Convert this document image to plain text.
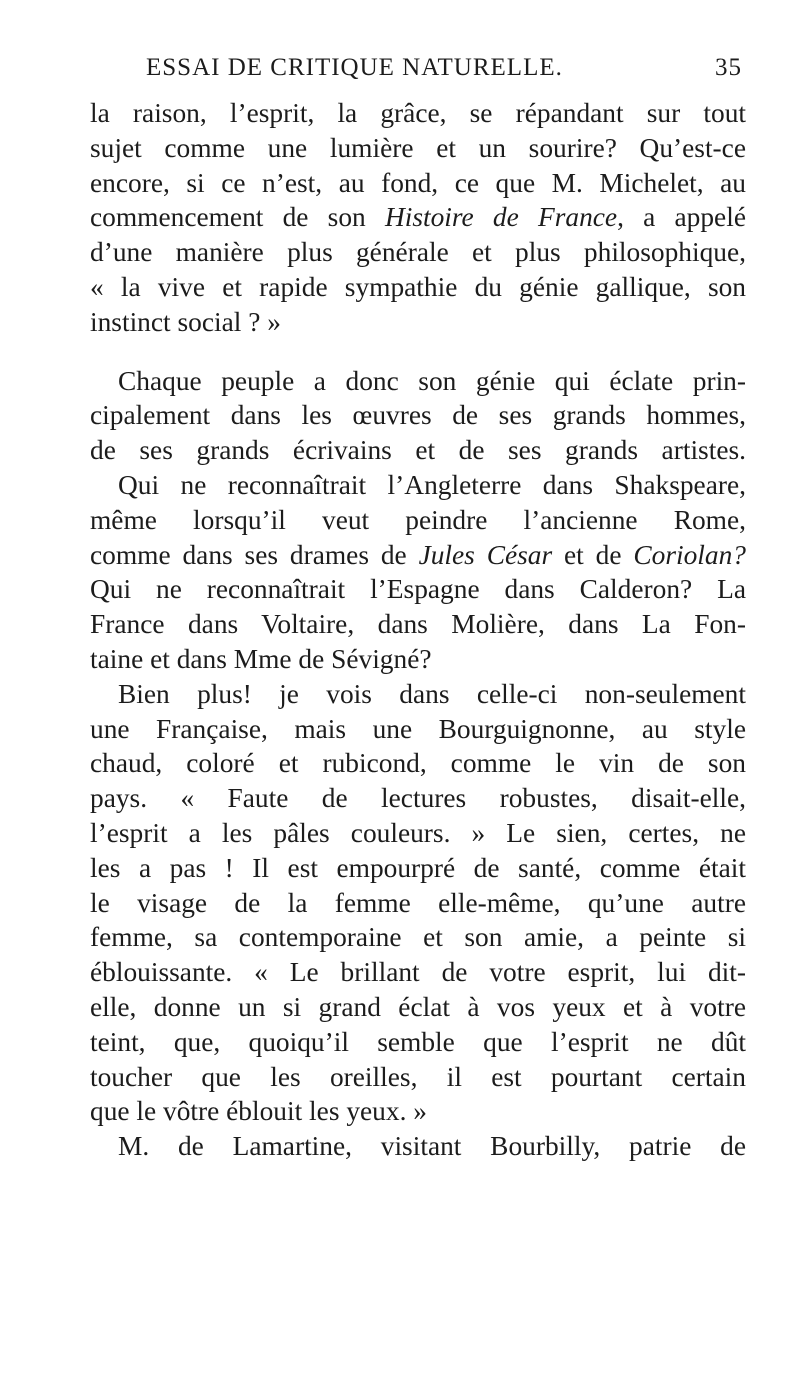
ESSAI DE CRITIQUE NATURELLE.	35
la raison, l’esprit, la grâce, se répandant sur tout
sujet comme une lumière et un sourire? Qu’est-ce
encore, si ce n’est, au fond, ce que M. Michelet, au
commencement de son Histoire de France, a appelé
d’une manière plus générale et plus philosophique,
« la vive et rapide sympathie du génie gallique, son
instinct social ? »
Chaque peuple a donc son génie qui éclate prin-
cipalement dans les œuvres de ses grands hommes,
de ses grands écrivains et de ses grands artistes.
Qui ne reconnaîtrait l’Angleterre dans Shakspeare,
même lorsqu’il veut peindre l’ancienne Rome,
comme dans ses drames de Jules César et de Coriolan?
Qui ne reconnaîtrait l’Espagne dans Calderon? La
France dans Voltaire, dans Molière, dans La Fon-
taine et dans Mme de Sévigné?
Bien plus! je vois dans celle-ci non-seulement
une Française, mais une Bourguignonne, au style
chaud, coloré et rubicond, comme le vin de son
pays. « Faute de lectures robustes, disait-elle,
l’esprit a les pâles couleurs. » Le sien, certes, ne
les a pas ! Il est empourpré de santé, comme était
le visage de la femme elle-même, qu’une autre
femme, sa contemporaine et son amie, a peinte si
éblouissante. « Le brillant de votre esprit, lui dit-
elle, donne un si grand éclat à vos yeux et à votre
teint, que, quoiqu’il semble que l’esprit ne dût
toucher que les oreilles, il est pourtant certain
que le vôtre éblouit les yeux. »
M. de Lamartine, visitant Bourbilly, patrie de
